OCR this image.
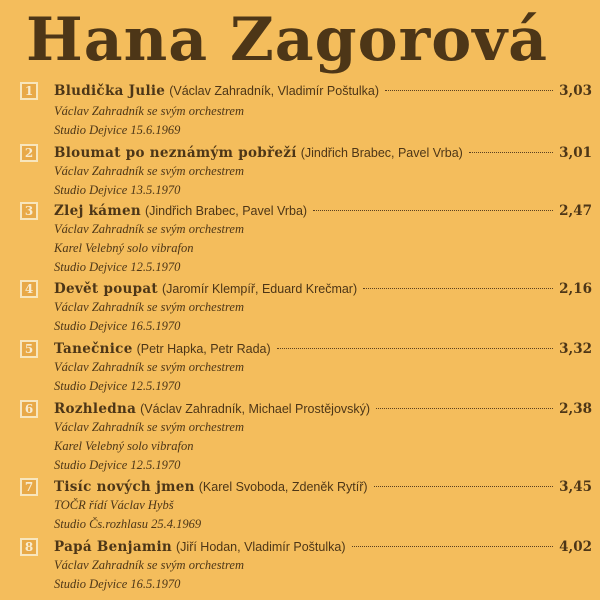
Hana Zagorová
1	Bludička Julie (Václav Zahradník, Vladimír Poštulka)	3,03
Václav Zahradník se svým orchestrem
Studio Dejvice 15.6.1969
2	Bloumat po neznámým pobřeží (Jindřich Brabec, Pavel Vrba)	3,01
Václav Zahradník se svým orchestrem
Studio Dejvice 13.5.1970
3	Zlej kámen (Jindřich Brabec, Pavel Vrba)	2,47
Václav Zahradník se svým orchestrem
Karel Velebný solo vibrafon
Studio Dejvice 12.5.1970
4	Devět poupat (Jaromír Klempíř, Eduard Krečmar)	2,16
Václav Zahradník se svým orchestrem
Studio Dejvice 16.5.1970
5	Tanečnice (Petr Hapka, Petr Rada)	3,32
Václav Zahradník se svým orchestrem
Studio Dejvice 12.5.1970
6	Rozhledna (Václav Zahradník, Michael Prostějovský)	2,38
Václav Zahradník se svým orchestrem
Karel Velebný solo vibrafon
Studio Dejvice 12.5.1970
7	Tisíc nových jmen (Karel Svoboda, Zdeněk Rytíř)	3,45
TOČR řídí Václav Hybš
Studio Čs.rozhlasu 25.4.1969
8	Papá Benjamin (Jiří Hodan, Vladimír Poštulka)	4,02
Václav Zahradník se svým orchestrem
Studio Dejvice 16.5.1970
